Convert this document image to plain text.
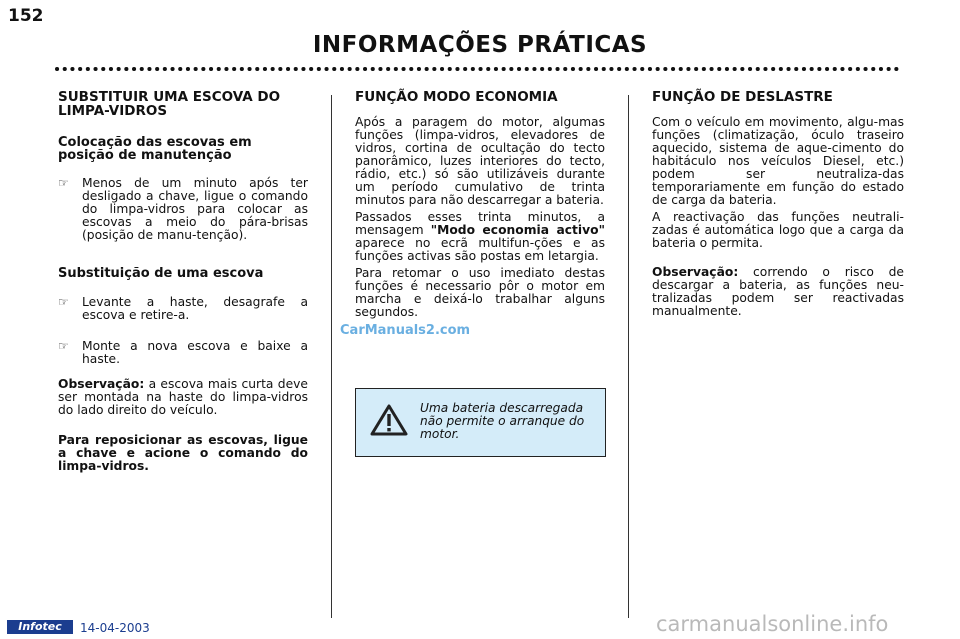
152
INFORMAÇÕES PRÁTICAS
SUBSTITUIR UMA ESCOVA DO LIMPA-VIDROS
Colocação das escovas em posição de manutenção
☞	Menos de um minuto após ter desligado a chave, ligue o comando do limpa-vidros para colocar as escovas a meio do pára-brisas (posição de manu-tenção).
Substituição de uma escova
☞	Levante a haste, desagrafe a escova e retire-a.
☞	Monte a nova escova e baixe a haste.

Observação: a escova mais curta deve ser montada na haste do limpa-vidros do lado direito do veículo.

Para reposicionar as escovas, ligue a chave e acione o comando do limpa-vidros.

FUNÇÃO MODO ECONOMIA

Após a paragem do motor, algumas funções (limpa-vidros, elevadores de vidros, cortina de ocultação do tecto panorâmico, luzes interiores do tecto, rádio, etc.) só são utilizáveis durante um período cumulativo de trinta minutos para não descarregar a bateria.

Passados esses trinta minutos, a mensagem "Modo economia activo" aparece no ecrã multifun-ções e as funções activas são postas em letargia.

Para retomar o uso imediato destas funções é necessario pôr o motor em marcha e deixá-lo trabalhar alguns segundos.

Uma bateria descarregada não permite o arranque do motor.
FUNÇÃO DE DESLASTRE

Com o veículo em movimento, algu-mas funções (climatização, óculo traseiro aquecido, sistema de aque-cimento do habitáculo nos veículos Diesel, etc.) podem ser neutraliza-das temporariamente em função do estado de carga da bateria.

A reactivação das funções neutrali-zadas é automática logo que a carga da bateria o permita.

Observação: correndo o risco de descargar a bateria, as funções neu-tralizadas podem ser reactivadas manualmente.

CarManuals2.com
Infotec	14-04-2003	carmanualsonline.info
